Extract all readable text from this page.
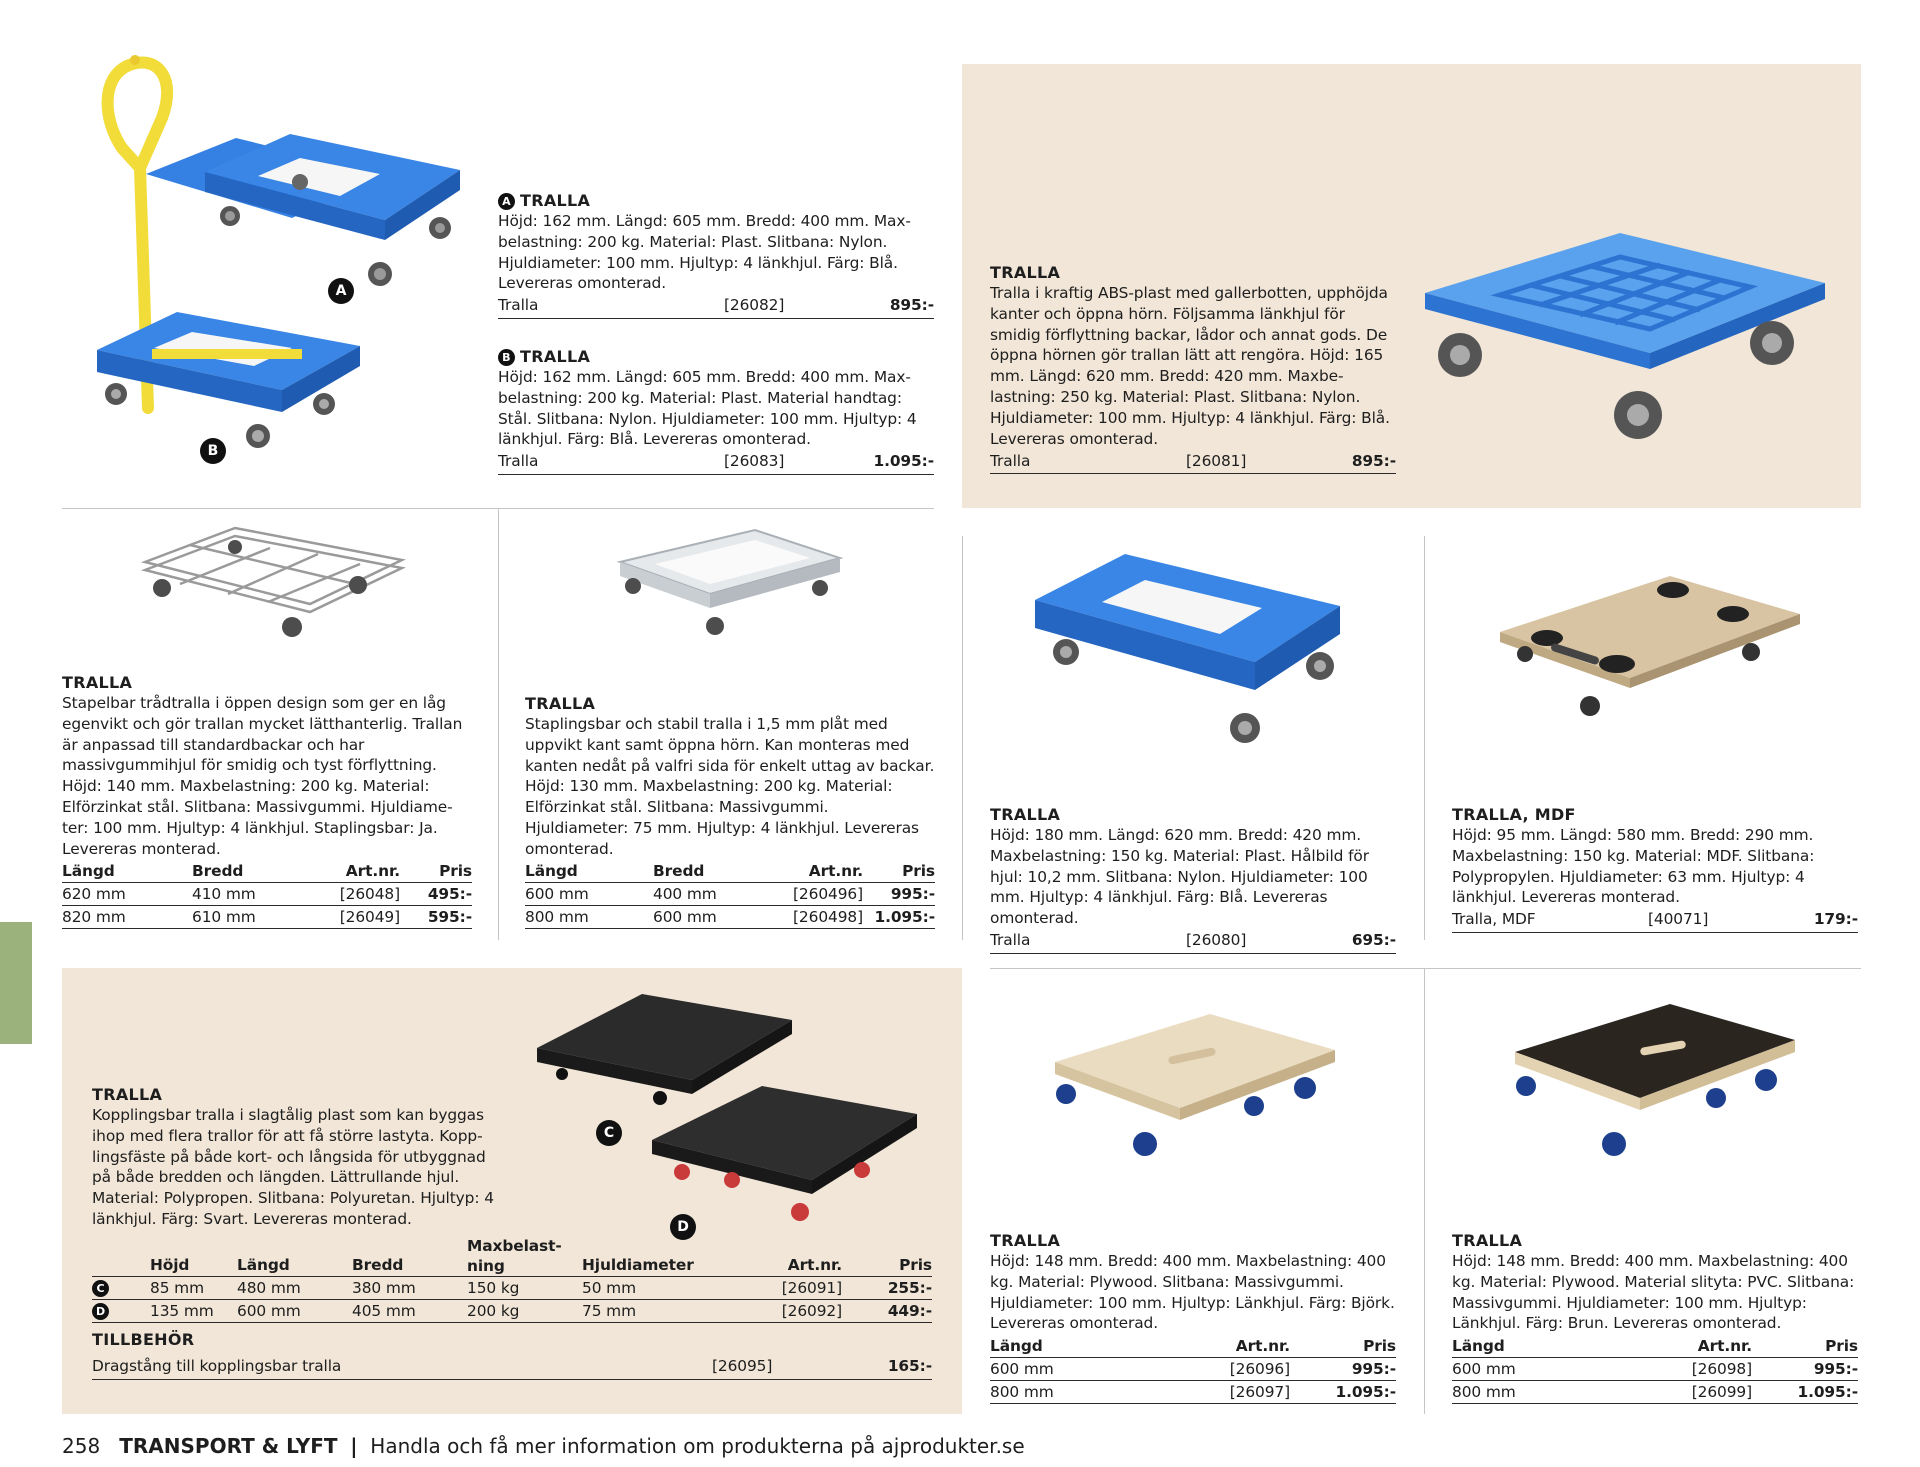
A
B
A TRALLA

Höjd: 162 mm. Längd: 605 mm. Bredd: 400 mm. Maxbelastning: 200 kg. Material: Plast. Slitbana: Nylon. Hjuldiameter: 100 mm. Hjultyp: 4 länkhjul. Färg: Blå. Levereras omonterad.

Tralla	[26082]	895:-
B TRALLA

Höjd: 162 mm. Längd: 605 mm. Bredd: 400 mm. Maxbelastning: 200 kg. Material: Plast. Material handtag: Stål. Slitbana: Nylon. Hjuldiameter: 100 mm. Hjultyp: 4 länkhjul. Färg: Blå. Levereras omonterad.

Tralla	[26083]	1.095:-
TRALLA

Tralla i kraftig ABS-plast med gallerbotten, upphöjda kanter och öppna hörn. Följsamma länkhjul för smidig förflyttning backar, lådor och annat gods. De öppna hörnen gör trallan lätt att rengöra. Höjd: 165 mm. Längd: 620 mm. Bredd: 420 mm. Maxbelastning: 250 kg. Material: Plast. Slitbana: Nylon. Hjuldiameter: 100 mm. Hjultyp: 4 länkhjul. Färg: Blå. Levereras omonterad.

Tralla	[26081]	895:-
TRALLA

Stapelbar trådtralla i öppen design som ger en låg egenvikt och gör trallan mycket lätthanterlig. Trallan är anpassad till standardbackar och har massivgummihjul för smidig och tyst förflyttning. Höjd: 140 mm. Maxbelastning: 200 kg. Material: Elförzinkat stål. Slitbana: Massivgummi. Hjuldiameter: 100 mm. Hjultyp: 4 länkhjul. Staplingsbar: Ja. Levereras monterad.

Längd	Bredd	Art.nr.	Pris
620 mm	410 mm	[26048]	495:-
820 mm	610 mm	[26049]	595:-
TRALLA

Staplingsbar och stabil tralla i 1,5 mm plåt med uppvikt kant samt öppna hörn. Kan monteras med kanten nedåt på valfri sida för enkelt uttag av backar. Höjd: 130 mm. Maxbelastning: 200 kg. Material: Elförzinkat stål. Slitbana: Massivgummi. Hjuldiameter: 75 mm. Hjultyp: 4 länkhjul. Levereras omonterad.

Längd	Bredd	Art.nr.	Pris
600 mm	400 mm	[260496]	995:-
800 mm	600 mm	[260498]	1.095:-
TRALLA

Höjd: 180 mm. Längd: 620 mm. Bredd: 420 mm. Maxbelastning: 150 kg. Material: Plast. Hålbild för hjul: 10,2 mm. Slitbana: Nylon. Hjuldiameter: 100 mm. Hjultyp: 4 länkhjul. Färg: Blå. Levereras omonterad.

Tralla	[26080]	695:-
TRALLA, MDF

Höjd: 95 mm. Längd: 580 mm. Bredd: 290 mm. Maxbelastning: 150 kg. Material: MDF. Slitbana: Polypropylen. Hjuldiameter: 63 mm. Hjultyp: 4 länkhjul. Levereras monterad.

Tralla, MDF	[40071]	179:-
C
D
TRALLA

Kopplingsbar tralla i slagtålig plast som kan byggas ihop med flera trallor för att få större lastyta. Kopplingsfäste på både kort- och långsida för utbyggnad på både bredden och längden. Lättrullande hjul. Material: Polypropen. Slitbana: Polyuretan. Hjultyp: 4 länkhjul. Färg: Svart. Levereras monterad.

	Höjd	Längd	Bredd	Maxbelastning	Hjuldiameter	Art.nr.	Pris
C	85 mm	480 mm	380 mm	150 kg	50 mm	[26091]	255:-
D	135 mm	600 mm	405 mm	200 kg	75 mm	[26092]	449:-
TILLBEHÖR
Dragstång till kopplingsbar tralla	[26095]	165:-
TRALLA

Höjd: 148 mm. Bredd: 400 mm. Maxbelastning: 400 kg. Material: Plywood. Slitbana: Massivgummi. Hjuldiameter: 100 mm. Hjultyp: Länkhjul. Färg: Björk. Levereras omonterad.

Längd	Art.nr.	Pris
600 mm	[26096]	995:-
800 mm	[26097]	1.095:-
TRALLA

Höjd: 148 mm. Bredd: 400 mm. Maxbelastning: 400 kg. Material: Plywood. Material slityta: PVC. Slitbana: Massivgummi. Hjuldiameter: 100 mm. Hjultyp: Länkhjul. Färg: Brun. Levereras omonterad.

Längd	Art.nr.	Pris
600 mm	[26098]	995:-
800 mm	[26099]	1.095:-
258 TRANSPORT & LYFT | Handla och få mer information om produkterna på ajprodukter.se
